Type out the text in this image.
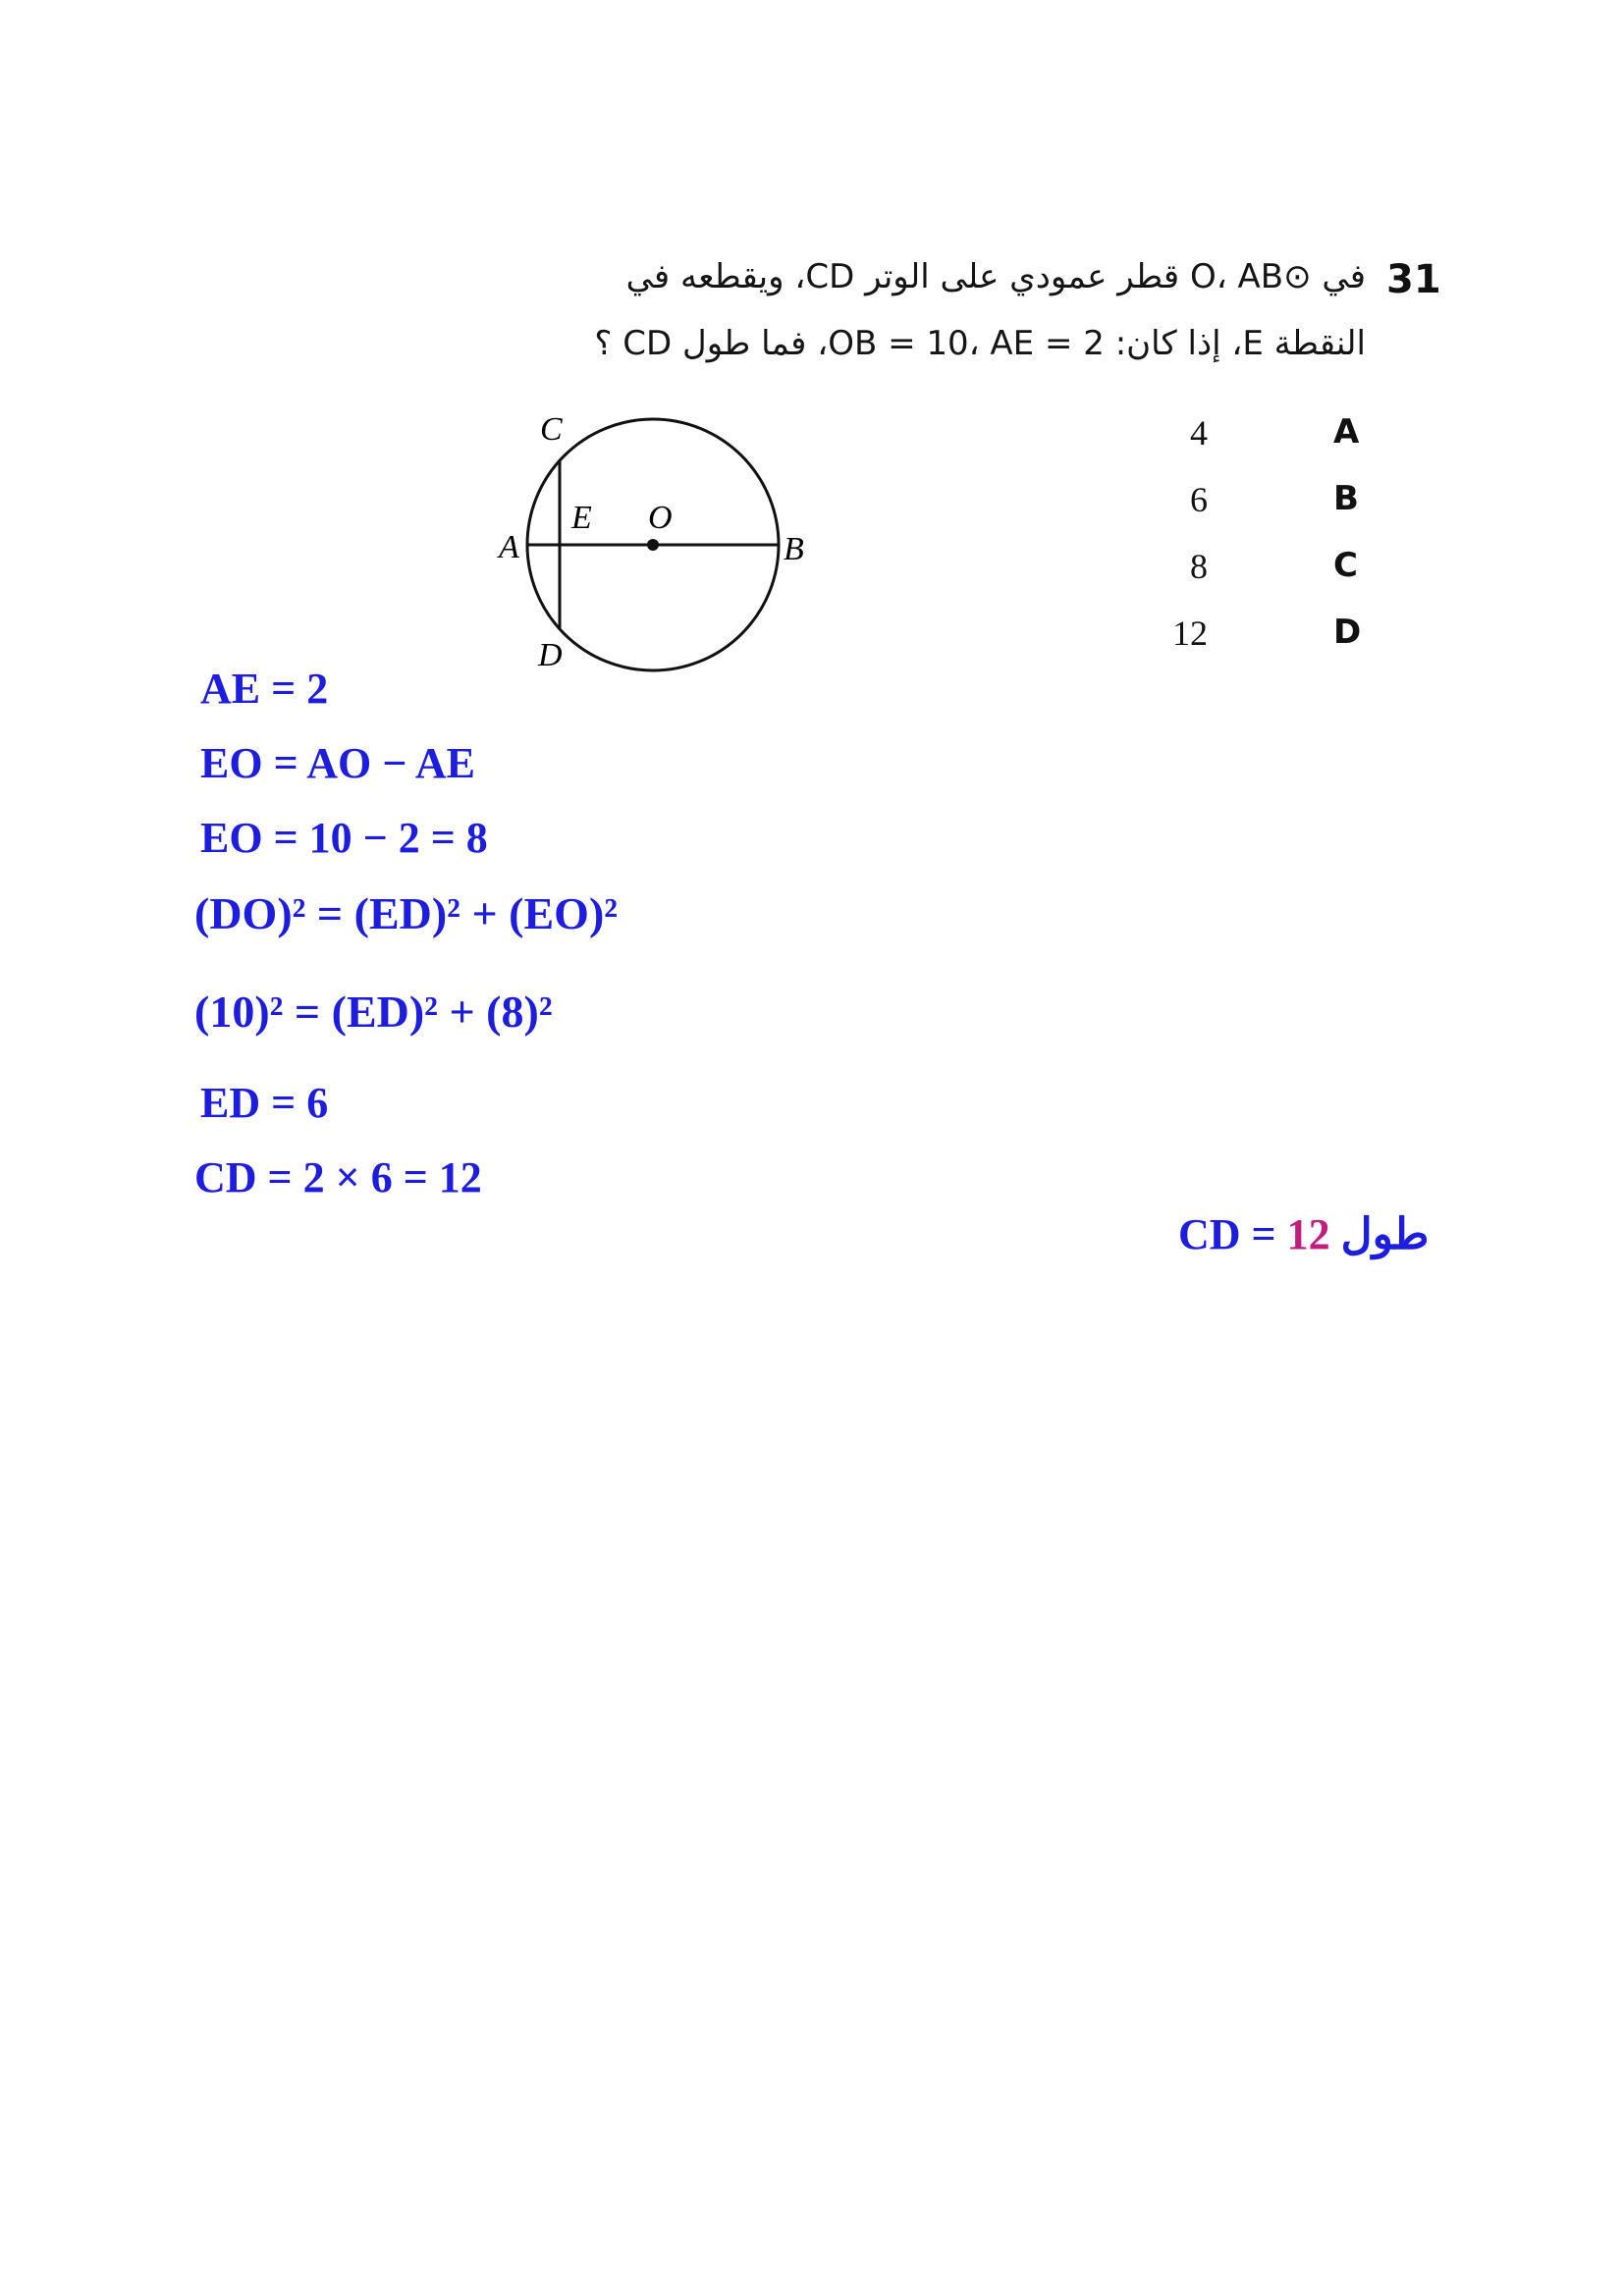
31
في ⊙O، AB قطر عمودي على الوتر CD، ويقطعه في
النقطة E، إذا كان: OB = 10، AE = 2، فما طول CD ؟
C
D
A	B
E O
4	A
6	B
8	C
12	D
AE = 2
EO = AO − AE
EO = 10 − 2 = 8
(DO)² = (ED)² + (EO)²
(10)² = (ED)² + (8)²
ED = 6
CD = 2 × 6 = 12
CD = 12 طول
